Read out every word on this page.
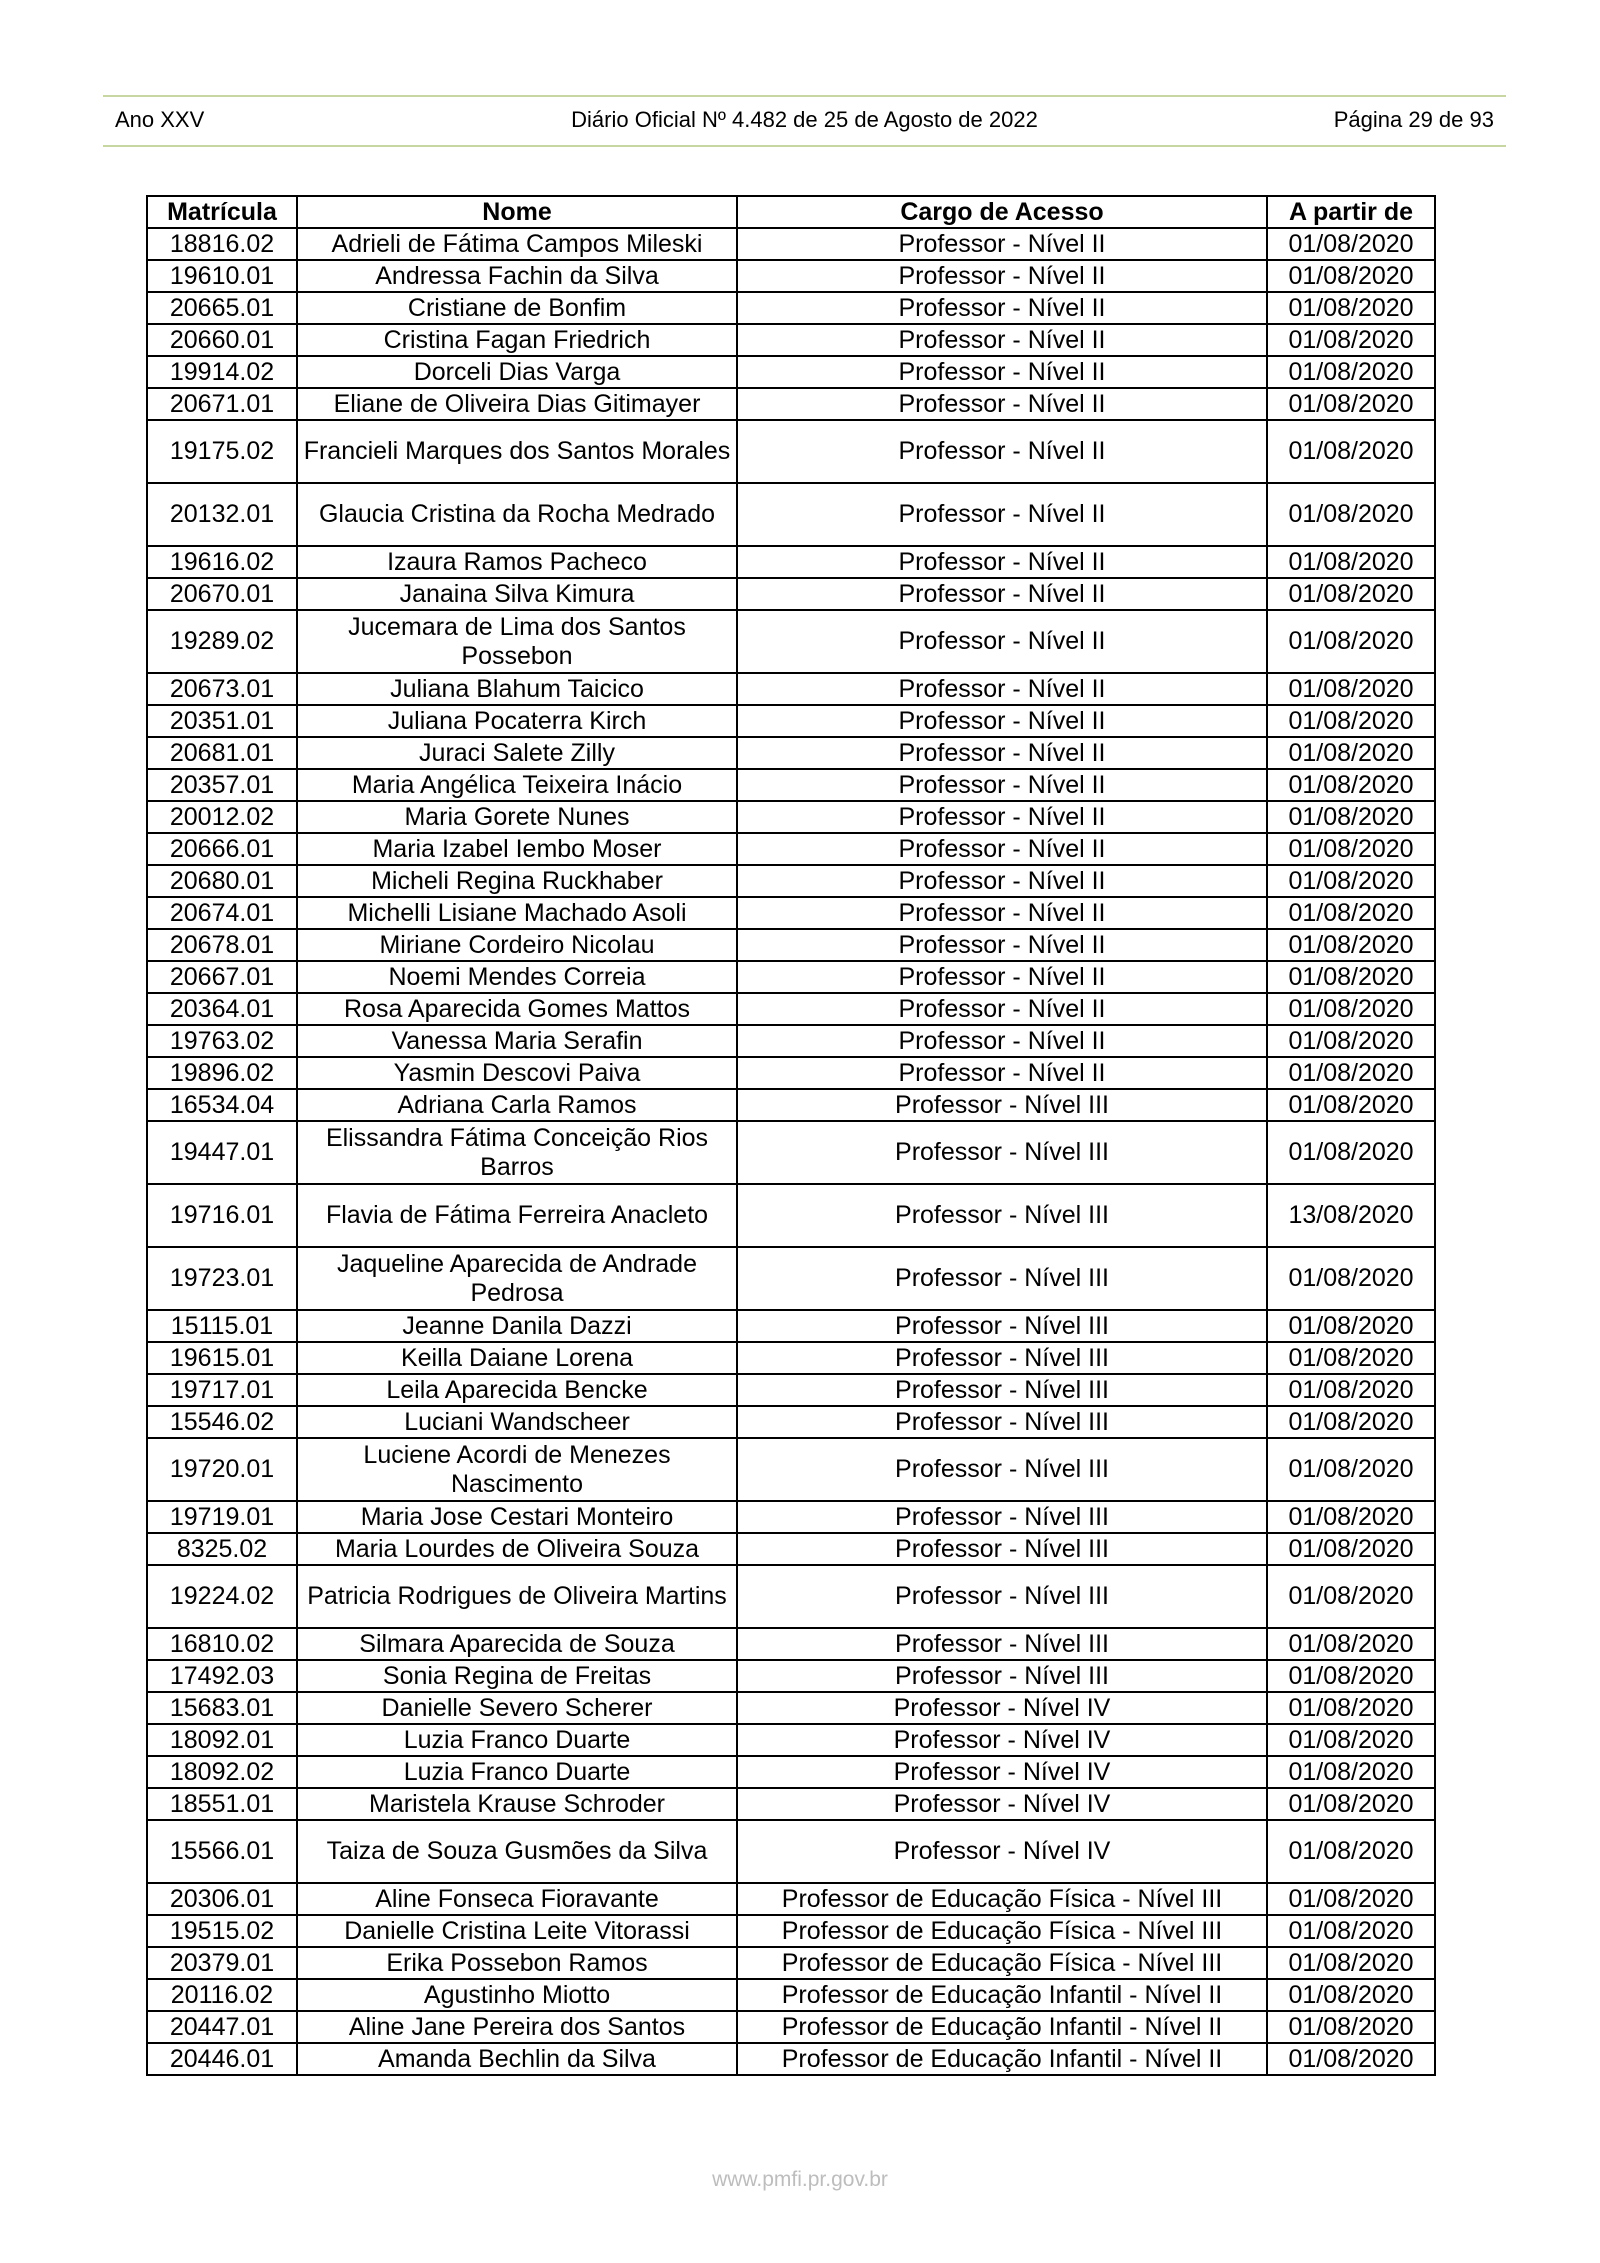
Ano XXV	Diário Oficial Nº 4.482 de 25 de Agosto de 2022	Página 29 de 93
Matrícula	Nome	Cargo de Acesso	A partir de
18816.02	Adrieli de Fátima Campos Mileski	Professor - Nível II	01/08/2020
19610.01	Andressa Fachin da Silva	Professor - Nível II	01/08/2020
20665.01	Cristiane de Bonfim	Professor - Nível II	01/08/2020
20660.01	Cristina Fagan Friedrich	Professor - Nível II	01/08/2020
19914.02	Dorceli Dias Varga	Professor - Nível II	01/08/2020
20671.01	Eliane de Oliveira Dias Gitimayer	Professor - Nível II	01/08/2020
19175.02	Francieli Marques dos Santos Morales	Professor - Nível II	01/08/2020
20132.01	Glaucia Cristina da Rocha Medrado	Professor - Nível II	01/08/2020
19616.02	Izaura Ramos Pacheco	Professor - Nível II	01/08/2020
20670.01	Janaina Silva Kimura	Professor - Nível II	01/08/2020
19289.02	Jucemara de Lima dos Santos Possebon	Professor - Nível II	01/08/2020
20673.01	Juliana Blahum Taicico	Professor - Nível II	01/08/2020
20351.01	Juliana Pocaterra Kirch	Professor - Nível II	01/08/2020
20681.01	Juraci Salete Zilly	Professor - Nível II	01/08/2020
20357.01	Maria Angélica Teixeira Inácio	Professor - Nível II	01/08/2020
20012.02	Maria Gorete Nunes	Professor - Nível II	01/08/2020
20666.01	Maria Izabel Iembo Moser	Professor - Nível II	01/08/2020
20680.01	Micheli Regina Ruckhaber	Professor - Nível II	01/08/2020
20674.01	Michelli Lisiane Machado Asoli	Professor - Nível II	01/08/2020
20678.01	Miriane Cordeiro Nicolau	Professor - Nível II	01/08/2020
20667.01	Noemi Mendes Correia	Professor - Nível II	01/08/2020
20364.01	Rosa Aparecida Gomes Mattos	Professor - Nível II	01/08/2020
19763.02	Vanessa Maria Serafin	Professor - Nível II	01/08/2020
19896.02	Yasmin Descovi Paiva	Professor - Nível II	01/08/2020
16534.04	Adriana Carla Ramos	Professor - Nível III	01/08/2020
19447.01	Elissandra Fátima Conceição Rios Barros	Professor - Nível III	01/08/2020
19716.01	Flavia de Fátima Ferreira Anacleto	Professor - Nível III	13/08/2020
19723.01	Jaqueline Aparecida de Andrade Pedrosa	Professor - Nível III	01/08/2020
15115.01	Jeanne Danila Dazzi	Professor - Nível III	01/08/2020
19615.01	Keilla Daiane Lorena	Professor - Nível III	01/08/2020
19717.01	Leila Aparecida Bencke	Professor - Nível III	01/08/2020
15546.02	Luciani Wandscheer	Professor - Nível III	01/08/2020
19720.01	Luciene Acordi de Menezes Nascimento	Professor - Nível III	01/08/2020
19719.01	Maria Jose Cestari Monteiro	Professor - Nível III	01/08/2020
8325.02	Maria Lourdes de Oliveira Souza	Professor - Nível III	01/08/2020
19224.02	Patricia Rodrigues de Oliveira Martins	Professor - Nível III	01/08/2020
16810.02	Silmara Aparecida de Souza	Professor - Nível III	01/08/2020
17492.03	Sonia Regina de Freitas	Professor - Nível III	01/08/2020
15683.01	Danielle Severo Scherer	Professor - Nível IV	01/08/2020
18092.01	Luzia Franco Duarte	Professor - Nível IV	01/08/2020
18092.02	Luzia Franco Duarte	Professor - Nível IV	01/08/2020
18551.01	Maristela Krause Schroder	Professor - Nível IV	01/08/2020
15566.01	Taiza de Souza Gusmões da Silva	Professor - Nível IV	01/08/2020
20306.01	Aline Fonseca Fioravante	Professor de Educação Física - Nível III	01/08/2020
19515.02	Danielle Cristina Leite Vitorassi	Professor de Educação Física - Nível III	01/08/2020
20379.01	Erika Possebon Ramos	Professor de Educação Física - Nível III	01/08/2020
20116.02	Agustinho Miotto	Professor de Educação Infantil - Nível II	01/08/2020
20447.01	Aline Jane Pereira dos Santos	Professor de Educação Infantil - Nível II	01/08/2020
20446.01	Amanda Bechlin da Silva	Professor de Educação Infantil - Nível II	01/08/2020
www.pmfi.pr.gov.br
